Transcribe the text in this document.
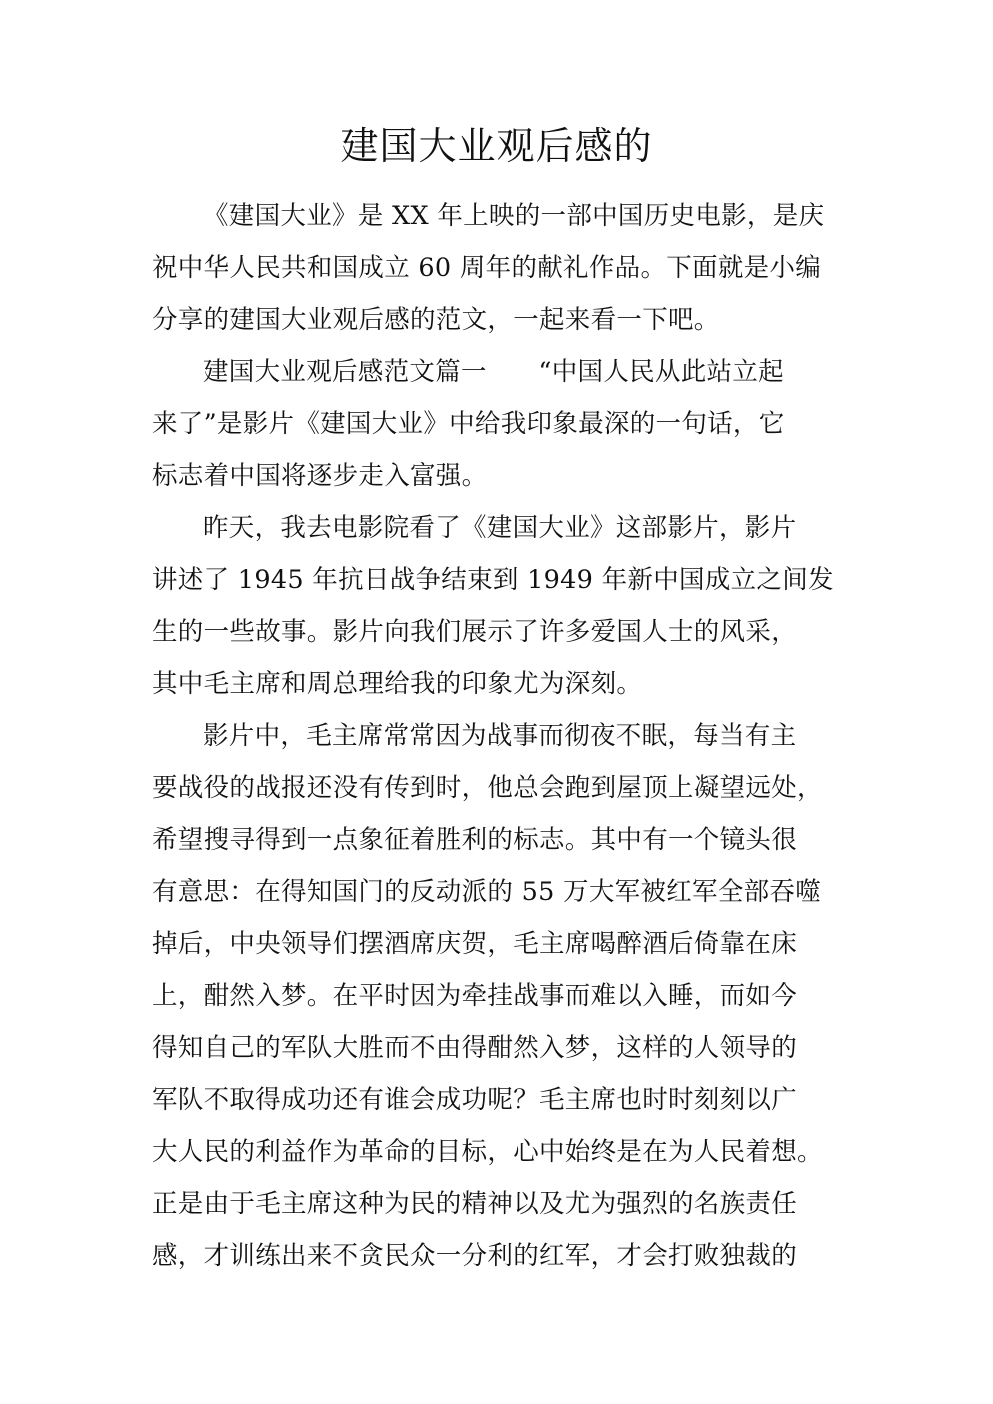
建国大业观后感的

《建国大业》是 XX 年上映的一部中国历史电影，是庆

祝中华人民共和国成立 60 周年的献礼作品。下面就是小编

分享的建国大业观后感的范文，一起来看一下吧。

建国大业观后感范文篇一　　“中国人民从此站立起

来了”是影片《建国大业》中给我印象最深的一句话，它

标志着中国将逐步走入富强。

昨天，我去电影院看了《建国大业》这部影片，影片

讲述了 1945 年抗日战争结束到 1949 年新中国成立之间发

生的一些故事。影片向我们展示了许多爱国人士的风采，

其中毛主席和周总理给我的印象尤为深刻。

影片中，毛主席常常因为战事而彻夜不眠，每当有主

要战役的战报还没有传到时，他总会跑到屋顶上凝望远处，

希望搜寻得到一点象征着胜利的标志。其中有一个镜头很

有意思：在得知国门的反动派的 55 万大军被红军全部吞噬

掉后，中央领导们摆酒席庆贺，毛主席喝醉酒后倚靠在床

上，酣然入梦。在平时因为牵挂战事而难以入睡，而如今

得知自己的军队大胜而不由得酣然入梦，这样的人领导的

军队不取得成功还有谁会成功呢？毛主席也时时刻刻以广

大人民的利益作为革命的目标，心中始终是在为人民着想。

正是由于毛主席这种为民的精神以及尤为强烈的名族责任

感，才训练出来不贪民众一分利的红军，才会打败独裁的
